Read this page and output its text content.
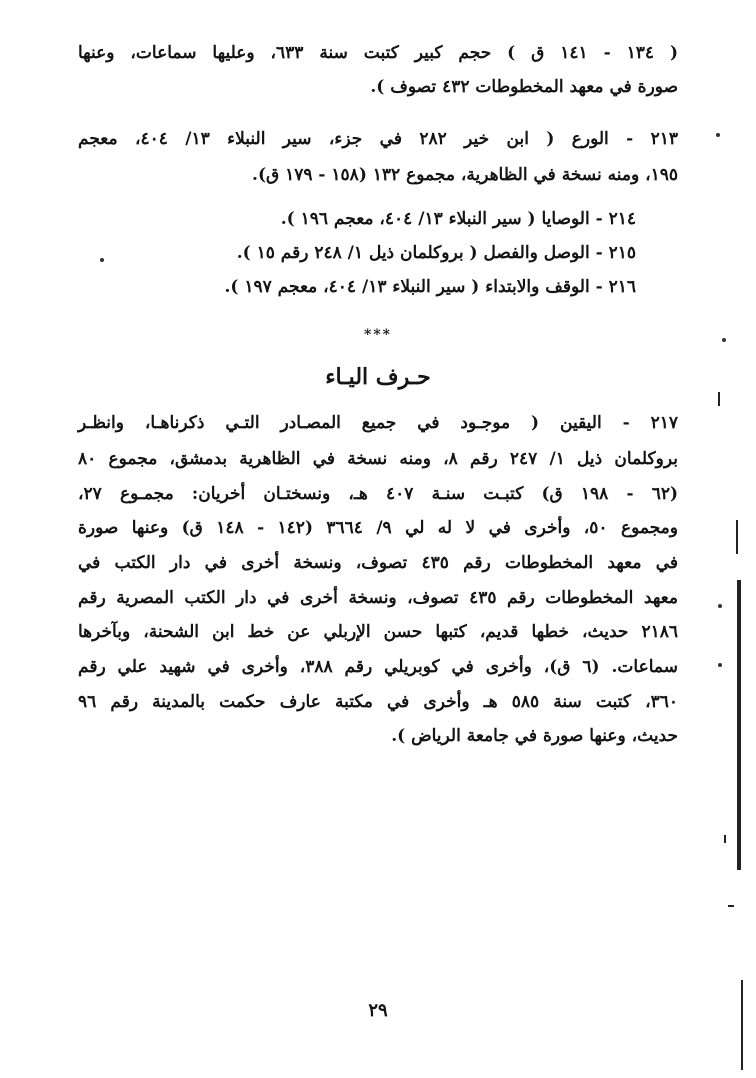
( ١٣٤ - ١٤١ ق ) حجم كبير كتبت سنة ٦٣٣، وعليها سماعات، وعنها
صورة في معهد المخطوطات ٤٣٢ تصوف ).
٢١٣ - الورع ( ابن خير ٢٨٢ في جزء، سير النبلاء ١٣/ ٤٠٤، معجم
١٩٥، ومنه نسخة في الظاهرية، مجموع ١٣٢ (١٥٨ - ١٧٩ ق).
٢١٤ - الوصايا ( سير النبلاء ١٣/ ٤٠٤، معجم ١٩٦ ).
٢١٥ - الوصل والفصل ( بروكلمان ذيل ١/ ٢٤٨ رقم ١٥ ).
٢١٦ - الوقف والابتداء ( سير النبلاء ١٣/ ٤٠٤، معجم ١٩٧ ).
***
حـرف اليـاء
٢١٧ - اليقين ( موجـود في جميع المصـادر التـي ذكرناهـا، وانظـر
بروكلمان ذيل ١/ ٢٤٧ رقم ٨، ومنه نسخة في الظاهرية بدمشق، مجموع ٨٠
(٦٢ - ١٩٨ ق) كتبـت سنـة ٤٠٧ هـ، ونسختـان أخريان: مجمـوع ٢٧،
ومجموع ٥٠، وأخرى في لا له لي ٩/ ٣٦٦٤ (١٤٢ - ١٤٨ ق) وعنها صورة
في معهد المخطوطات رقم ٤٣٥ تصوف، ونسخة أخرى في دار الكتب في
معهد المخطوطات رقم ٤٣٥ تصوف، ونسخة أخرى في دار الكتب المصرية رقم
٢١٨٦ حديث، خطها قديم، كتبها حسن الإربلي عن خط ابن الشحنة، وبآخرها
سماعات. (٦ ق)، وأخرى في كوبريلي رقم ٣٨٨، وأخرى في شهيد علي رقم
٣٦٠، كتبت سنة ٥٨٥ هـ وأخرى في مكتبة عارف حكمت بالمدينة رقم ٩٦
حديث، وعنها صورة في جامعة الرياض ).
٢٩
